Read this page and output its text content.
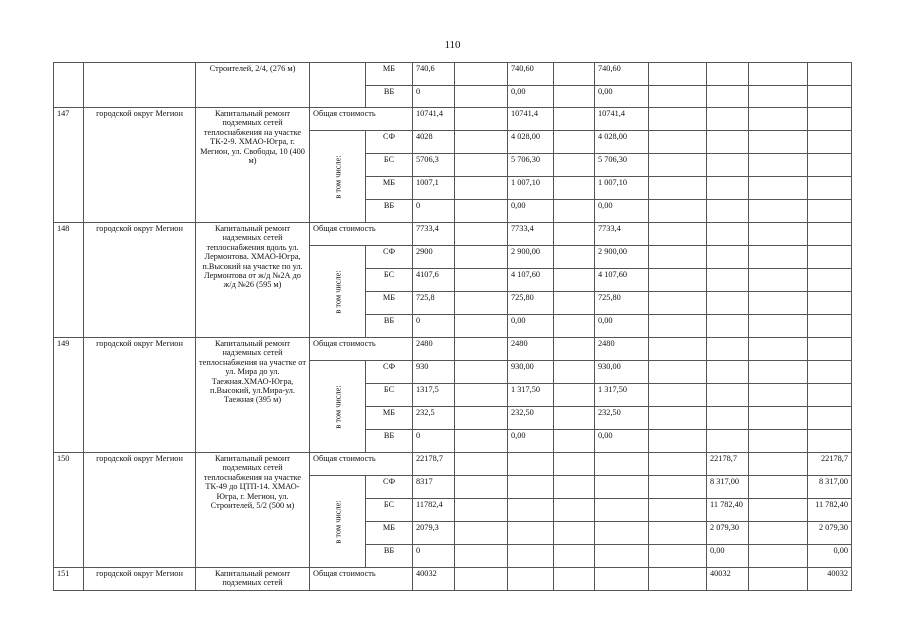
110
		Строителей, 2/4, (276 м)		МБ	740,6		740,60		740,60				
				ВБ	0		0,00		0,00				
147	городской округ Мегион	Капитальный ремонт подземных сетей теплоснабжения на участке ТК-2-9. ХМАО-Югра, г. Мегион, ул. Свободы, 10 (400 м)	Общая стоимость		10741,4		10741,4		10741,4				

			в том числе:	СФ	4028		4 028,00		4 028,00				
				БС	5706,3		5 706,30		5 706,30				
				МБ	1007,1		1 007,10		1 007,10				
				ВБ	0		0,00		0,00				
148	городской округ Мегион	Капитальный ремонт надземных сетей теплоснабжения вдоль ул. Лермонтова. ХМАО-Югра, п.Высокий на участке по ул. Лермонтова от ж/д №2А до ж/д №26 (595 м)	Общая стоимость		7733,4		7733,4		7733,4				

			в том числе:	СФ	2900		2 900,00		2 900,00				
				БС	4107,6		4 107,60		4 107,60				
				МБ	725,8		725,80		725,80				
				ВБ	0		0,00		0,00				
149	городской округ Мегион	Капитальный ремонт надземных сетей теплоснабжения на участке от ул. Мира до ул. Таежная.ХМАО-Югра, п.Высокий, ул.Мира-ул. Таежная (395 м)	Общая стоимость		2480		2480		2480				

			в том числе:	СФ	930		930,00		930,00				
				БС	1317,5		1 317,50		1 317,50				
				МБ	232,5		232,50		232,50				
				ВБ	0		0,00		0,00				
150	городской округ Мегион	Капитальный ремонт подземных сетей теплоснабжения на участке ТК-49 до ЦТП-14. ХМАО-Югра, г. Мегион, ул. Строителей, 5/2 (500 м)	Общая стоимость		22178,7						22178,7		22178,7

			в том числе:	СФ	8317						8 317,00		8 317,00
				БС	11782,4						11 782,40		11 782,40
				МБ	2079,3						2 079,30		2 079,30
				ВБ	0						0,00		0,00
151	городской округ Мегион	Капитальный ремонт подземных сетей	Общая стоимость		40032						40032		40032
